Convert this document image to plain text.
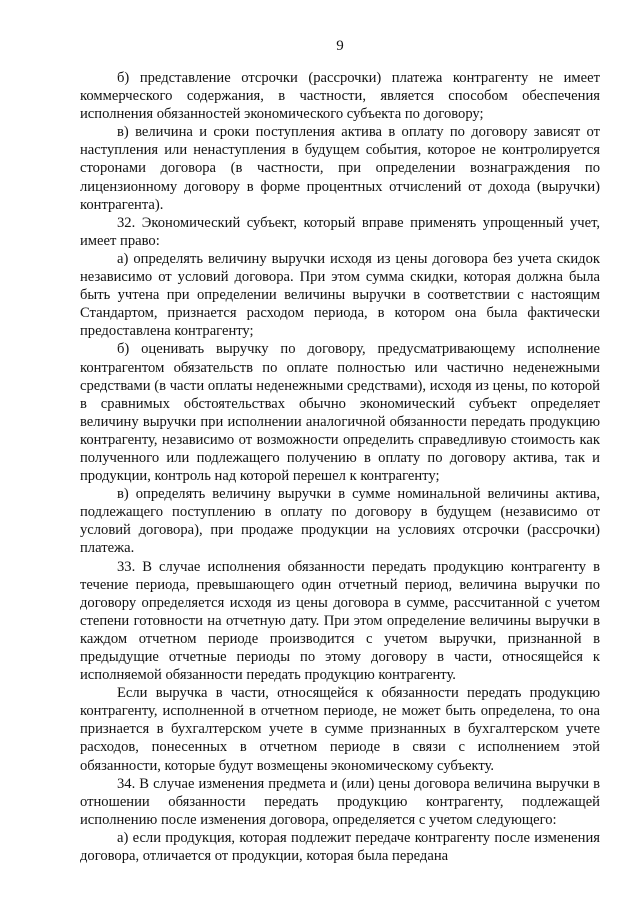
9

б) представление отсрочки (рассрочки) платежа контрагенту не имеет коммерческого содержания, в частности, является способом обеспечения исполнения обязанностей экономического субъекта по договору;

в) величина и сроки поступления актива в оплату по договору зависят от наступления или ненаступления в будущем события, которое не контролируется сторонами договора (в частности, при определении вознаграждения по лицензионному договору в форме процентных отчислений от дохода (выручки) контрагента).

32. Экономический субъект, который вправе применять упрощенный учет, имеет право:

а) определять величину выручки исходя из цены договора без учета скидок независимо от условий договора. При этом сумма скидки, которая должна была быть учтена при определении величины выручки в соответствии с настоящим Стандартом, признается расходом периода, в котором она была фактически предоставлена контрагенту;

б) оценивать выручку по договору, предусматривающему исполнение контрагентом обязательств по оплате полностью или частично неденежными средствами (в части оплаты неденежными средствами), исходя из цены, по которой в сравнимых обстоятельствах обычно экономический субъект определяет величину выручки при исполнении аналогичной обязанности передать продукцию контрагенту, независимо от возможности определить справедливую стоимость как полученного или подлежащего получению в оплату по договору актива, так и продукции, контроль над которой перешел к контрагенту;

в) определять величину выручки в сумме номинальной величины актива, подлежащего поступлению в оплату по договору в будущем (независимо от условий договора), при продаже продукции на условиях отсрочки (рассрочки) платежа.

33. В случае исполнения обязанности передать продукцию контрагенту в течение периода, превышающего один отчетный период, величина выручки по договору определяется исходя из цены договора в сумме, рассчитанной с учетом степени готовности на отчетную дату. При этом определение величины выручки в каждом отчетном периоде производится с учетом выручки, признанной в предыдущие отчетные периоды по этому договору в части, относящейся к исполняемой обязанности передать продукцию контрагенту.

Если выручка в части, относящейся к обязанности передать продукцию контрагенту, исполненной в отчетном периоде, не может быть определена, то она признается в бухгалтерском учете в сумме признанных в бухгалтерском учете расходов, понесенных в отчетном периоде в связи с исполнением этой обязанности, которые будут возмещены экономическому субъекту.

34. В случае изменения предмета и (или) цены договора величина выручки в отношении обязанности передать продукцию контрагенту, подлежащей исполнению после изменения договора, определяется с учетом следующего:

а) если продукция, которая подлежит передаче контрагенту после изменения договора, отличается от продукции, которая была передана
